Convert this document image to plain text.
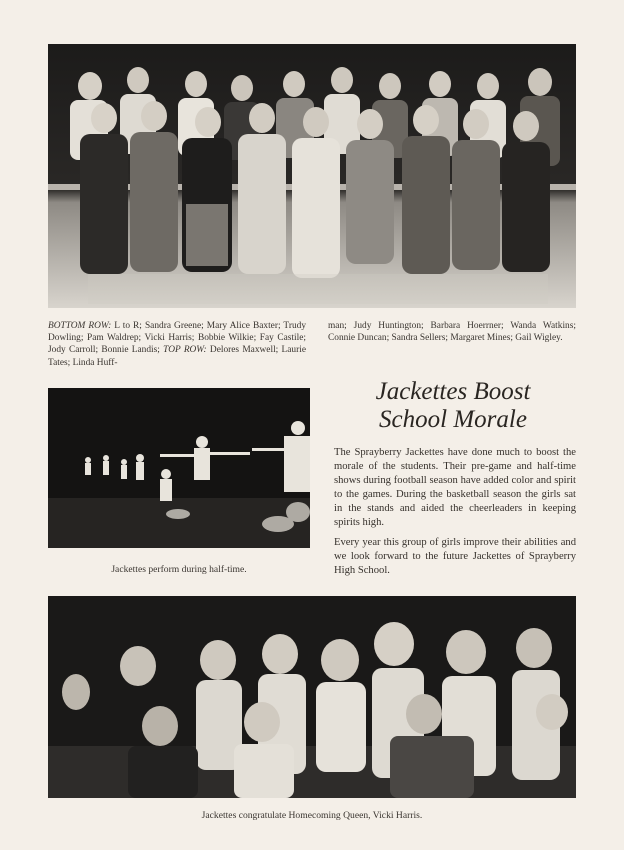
BOTTOM ROW: L to R; Sandra Greene; Mary Alice Baxter; Trudy Dowling; Pam Waldrep; Vicki Harris; Bobbie Wilkie; Fay Castile; Jody Carroll; Bonnie Landis; TOP ROW: Delores Maxwell; Laurie Tates; Linda Huff-
man; Judy Huntington; Barbara Hoerrner; Wanda Watkins; Connie Duncan; Sandra Sellers; Margaret Mines; Gail Wigley.
Jackettes Boost
School Morale
Jackettes perform during half-time.

The Sprayberry Jackettes have done much to boost the morale of the students. Their pre-game and half-time shows during football season have added color and spirit to the games. During the basketball season the girls sat in the stands and aided the cheerleaders in keeping spirits high.

Every year this group of girls improve their abilities and we look forward to the future Jackettes of Sprayberry High School.

Jackettes congratulate Homecoming Queen, Vicki Harris.
